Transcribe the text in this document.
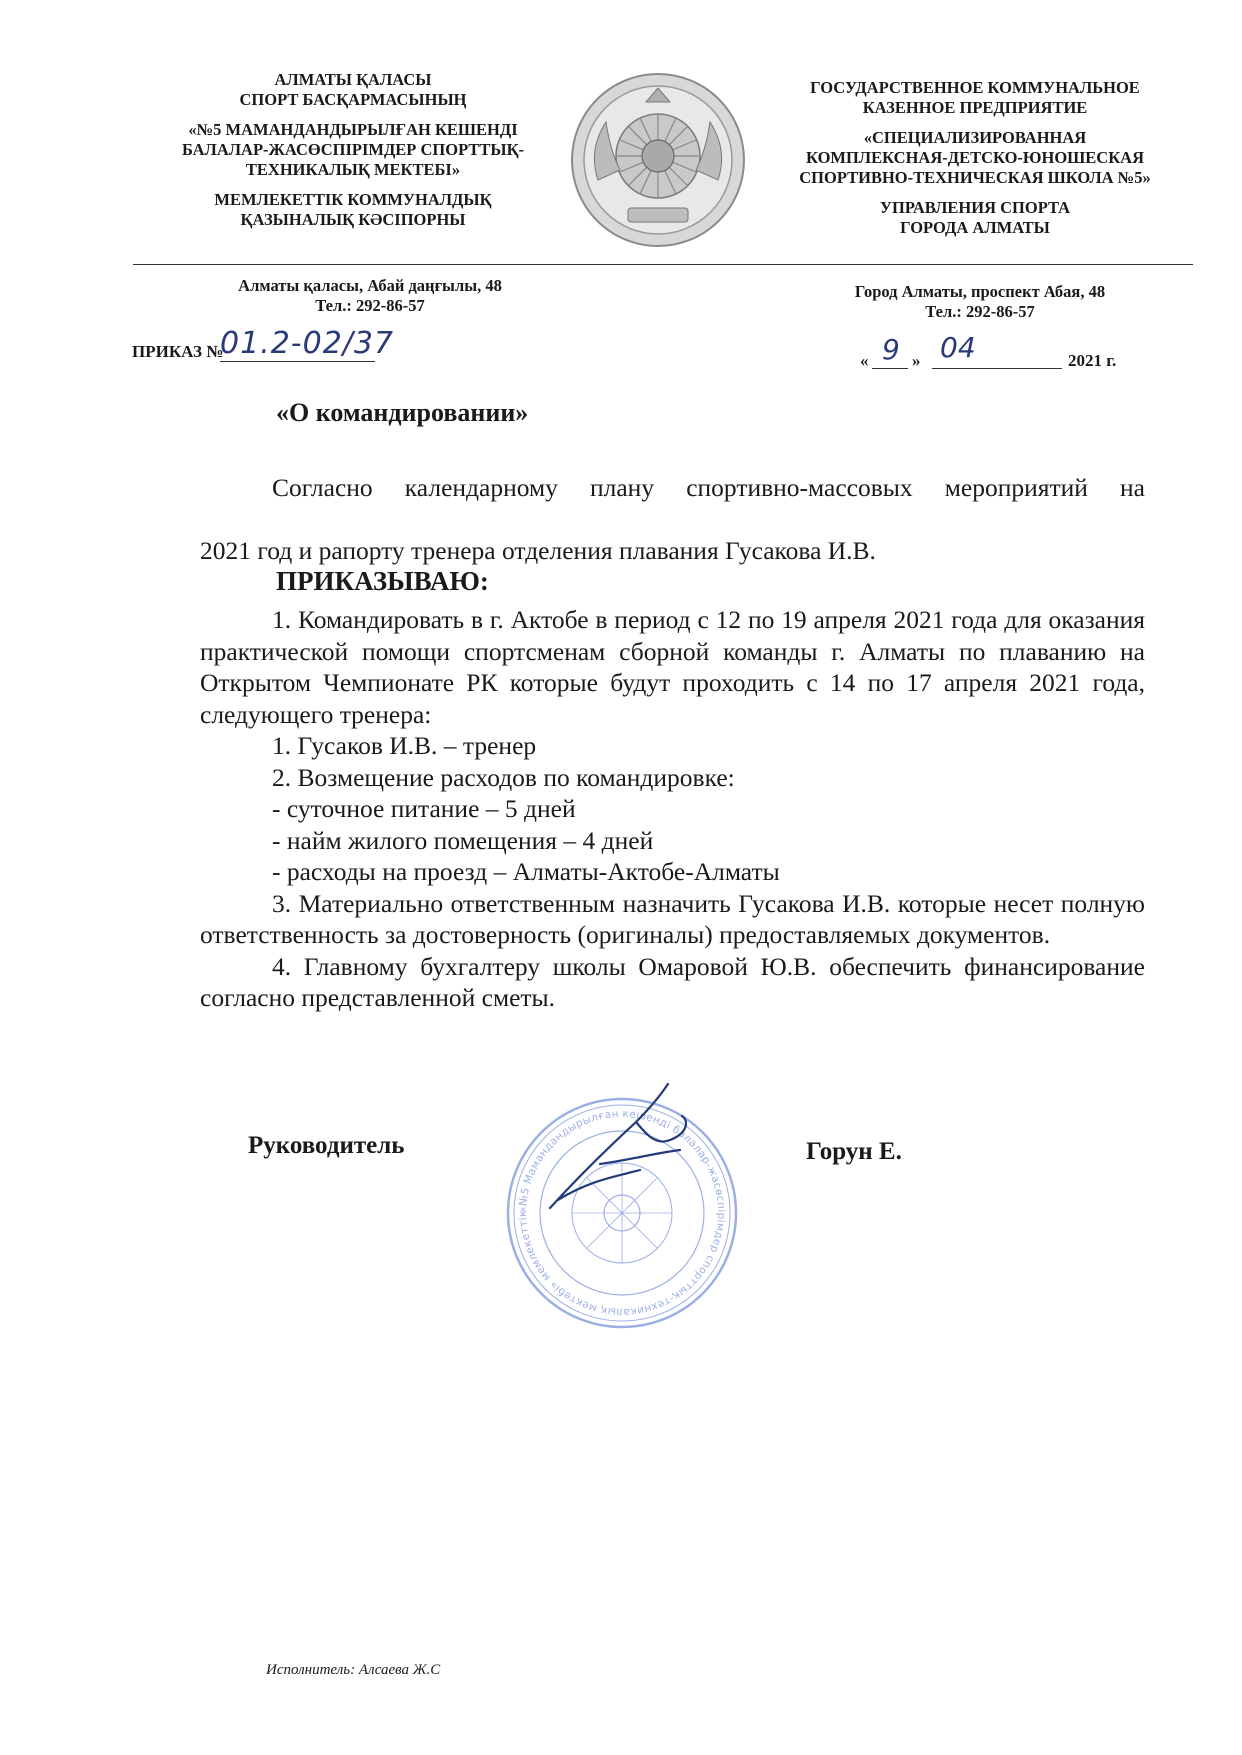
АЛМАТЫ ҚАЛАСЫ

СПОРТ БАСҚАРМАСЫНЫҢ

«№5 МАМАНДАНДЫРЫЛҒАН КЕШЕНДІ

БАЛАЛАР-ЖАСӨСПІРІМДЕР СПОРТТЫҚ-

ТЕХНИКАЛЫҚ МЕКТЕБІ»

МЕМЛЕКЕТТІК КОММУНАЛДЫҚ

ҚАЗЫНАЛЫҚ КӘСІПОРНЫ

ГОСУДАРСТВЕННОЕ КОММУНАЛЬНОЕ

КАЗЕННОЕ ПРЕДПРИЯТИЕ

«СПЕЦИАЛИЗИРОВАННАЯ

КОМПЛЕКСНАЯ-ДЕТСКО-ЮНОШЕСКАЯ

СПОРТИВНО-ТЕХНИЧЕСКАЯ ШКОЛА №5»

УПРАВЛЕНИЯ СПОРТА

ГОРОДА АЛМАТЫ

Алматы қаласы, Абай даңғылы, 48

Тел.: 292-86-57

Город Алматы, проспект Абая, 48

Тел.: 292-86-57

ПРИКАЗ №
01.2-02/37	« 9 » 04	2021 г.
«О командировании»

Согласно календарному плану спортивно-массовых мероприятий на

2021 год и рапорту тренера отделения плавания Гусакова И.В.

ПРИКАЗЫВАЮ:

1. Командировать в г. Актобе в период с 12 по 19 апреля 2021 года для оказания практической помощи спортсменам сборной команды г. Алматы по плаванию на Открытом Чемпионате РК которые будут проходить с 14 по 17 апреля 2021 года, следующего тренера:

1. Гусаков И.В. – тренер

2. Возмещение расходов по командировке:

- суточное питание – 5 дней

- найм жилого помещения – 4 дней

- расходы на проезд – Алматы-Актобе-Алматы

3. Материально ответственным назначить Гусакова И.В. которые несет полную ответственность за достоверность (оригиналы) предоставляемых документов.

4. Главному бухгалтеру школы Омаровой Ю.В. обеспечить финансирование согласно представленной сметы.

«№5 Мамандандырылған кешенді балалар-жасөспірімдер спорттық-техникалық мектебі» мемлекеттік
Руководитель	Горун Е.
Исполнитель: Алсаева Ж.С
